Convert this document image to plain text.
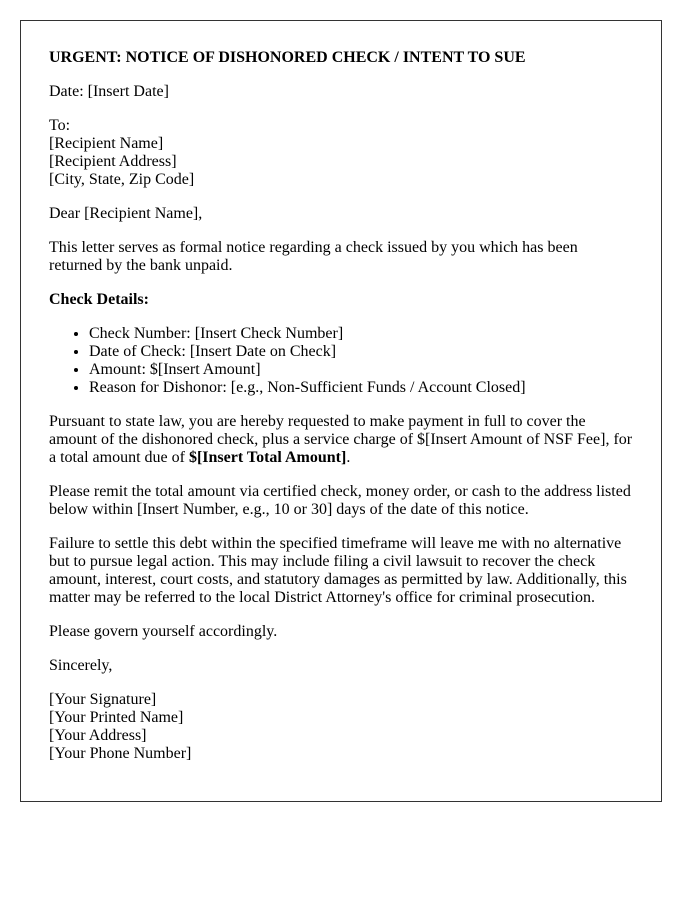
URGENT: NOTICE OF DISHONORED CHECK / INTENT TO SUE

Date: [Insert Date]

To:
[Recipient Name]
[Recipient Address]
[City, State, Zip Code]

Dear [Recipient Name],

This letter serves as formal notice regarding a check issued by you which has been returned by the bank unpaid.

Check Details:

• Check Number: [Insert Check Number]
• Date of Check: [Insert Date on Check]
• Amount: $[Insert Amount]
• Reason for Dishonor: [e.g., Non-Sufficient Funds / Account Closed]

Pursuant to state law, you are hereby requested to make payment in full to cover the amount of the dishonored check, plus a service charge of $[Insert Amount of NSF Fee], for a total amount due of $[Insert Total Amount].

Please remit the total amount via certified check, money order, or cash to the address listed below within [Insert Number, e.g., 10 or 30] days of the date of this notice.

Failure to settle this debt within the specified timeframe will leave me with no alternative but to pursue legal action. This may include filing a civil lawsuit to recover the check amount, interest, court costs, and statutory damages as permitted by law. Additionally, this matter may be referred to the local District Attorney's office for criminal prosecution.

Please govern yourself accordingly.

Sincerely,

[Your Signature]
[Your Printed Name]
[Your Address]
[Your Phone Number]
